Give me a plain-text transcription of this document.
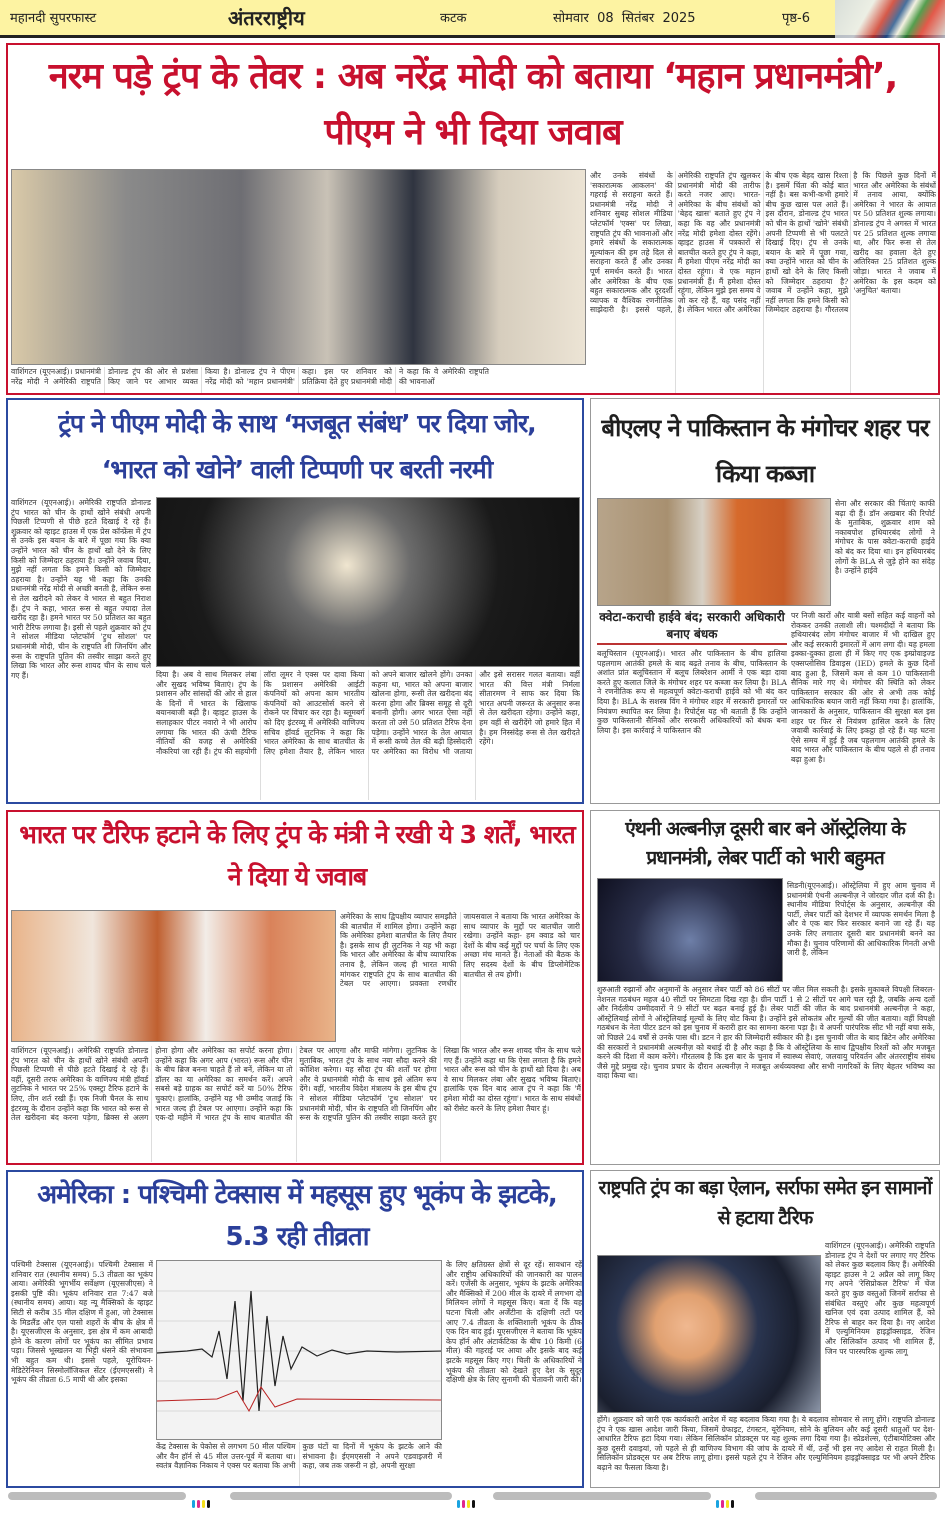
महानदी सुपरफास्ट	अंतरराष्ट्रीय	कटक	सोमवार  08  सितंबर  2025	पृष्ठ-6
नरम पड़े ट्रंप के तेवर : अब नरेंद्र मोदी को बताया ‘महान प्रधानमंत्री’, पीएम ने भी दिया जवाब
वाशिंगटन (यूएनआई)। प्रधानमंत्री नरेंद्र मोदी ने अमेरिकी राष्ट्रपति डोनाल्ड ट्रंप की ओर से प्रशंसा किए जाने पर आभार व्यक्त किया है। डोनाल्ड ट्रंप ने पीएम नरेंद्र मोदी को 'महान प्रधानमंत्री' कहा। इस पर शनिवार को प्रतिक्रिया देते हुए प्रधानमंत्री मोदी ने कहा कि वे अमेरिकी राष्ट्रपति की भावनाओं
और उनके संबंधों के 'सकारात्मक आकलन' की गहराई से सराहना करते हैं। प्रधानमंत्री नरेंद्र मोदी ने शनिवार सुबह सोशल मीडिया प्लेटफॉर्म 'एक्स' पर लिखा, राष्ट्रपति ट्रंप की भावनाओं और हमारे संबंधों के सकारात्मक मूल्यांकन की हम तहे दिल से सराहना करते हैं और उनका पूर्ण समर्थन करते हैं। भारत और अमेरिका के बीच एक बहुत सकारात्मक और दूरदर्शी व्यापक व वैश्विक रणनीतिक साझेदारी है। इससे पहले, अमेरिकी राष्ट्रपति ट्रंप खुलकर प्रधानमंत्री मोदी की तारीफ करते नजर आए। भारत-अमेरिका के बीच संबंधों को 'बेहद खास' बताते हुए ट्रंप ने कहा कि वह और प्रधानमंत्री नरेंद्र मोदी हमेशा दोस्त रहेंगे। व्हाइट हाउस में पत्रकारों से बातचीत करते हुए ट्रंप ने कहा, मैं हमेशा पीएम नरेंद्र मोदी का दोस्त रहूंगा। वे एक महान प्रधानमंत्री हैं। मैं हमेशा दोस्त रहूंगा, लेकिन मुझे इस समय वे जो कर रहे हैं, वह पसंद नहीं है। लेकिन भारत और अमेरिका के बीच एक बेहद खास रिश्ता है। इसमें चिंता की कोई बात नहीं है। बस कभी-कभी हमारे बीच कुछ खास पल आते हैं। इस दौरान, डोनाल्ड ट्रंप भारत को चीन के हाथों 'खोने' संबंधी अपनी टिप्पणी से भी पलटते दिखाई दिए। ट्रंप से उनके बयान के बारे में पूछा गया, क्या उन्होंने भारत को चीन के हाथों खो देने के लिए किसी को जिम्मेदार ठहराया है? जवाब में उन्होंने कहा, मुझे नहीं लगता कि हमने किसी को जिम्मेदार ठहराया है। गौरतलब है कि पिछले कुछ दिनों में भारत और अमेरिका के संबंधों में तनाव आया, क्योंकि अमेरिका ने भारत के आयात पर 50 प्रतिशत शुल्क लगाया। डोनाल्ड ट्रंप ने अगस्त में भारत पर 25 प्रतिशत शुल्क लगाया था, और फिर रूस से तेल खरीद का हवाला देते हुए अतिरिक्त 25 प्रतिशत शुल्क जोड़ा। भारत ने जवाब में अमेरिका के इस कदम को 'अनुचित' बताया।
ट्रंप ने पीएम मोदी के साथ ‘मजबूत संबंध’ पर दिया जोर,
‘भारत को खोने’ वाली टिप्पणी पर बरती नरमी
वाशिंगटन (यूएनआई)। अमेरिकी राष्ट्रपति डोनाल्ड ट्रंप भारत को चीन के हाथों खोने संबंधी अपनी पिछली टिप्पणी से पीछे हटते दिखाई दे रहे हैं। शुक्रवार को व्हाइट हाउस में एक प्रेस कॉन्फ्रेंस में ट्रंप से उनके इस बयान के बारे में पूछा गया कि क्या उन्होंने भारत को चीन के हाथों खो देने के लिए किसी को जिम्मेदार ठहराया है। उन्होंने जवाब दिया, मुझे नहीं लगता कि हमने किसी को जिम्मेदार ठहराया है। उन्होंने यह भी कहा कि उनकी प्रधानमंत्री नरेंद्र मोदी से अच्छी बनती है, लेकिन रूस से तेल खरीदने को लेकर वे भारत से बहुत निराश हैं। ट्रंप ने कहा, भारत रूस से बहुत ज्यादा तेल खरीद रहा है। हमने भारत पर 50 प्रतिशत का बहुत भारी टैरिफ लगाया है। इसी से पहले शुक्रवार को ट्रंप ने सोशल मीडिया प्लेटफॉर्म 'ट्रुथ सोशल' पर प्रधानमंत्री मोदी, चीन के राष्ट्रपति शी जिनपिंग और रूस के राष्ट्रपति पुतिन की तस्वीर साझा करते हुए लिखा कि भारत और रूस शायद चीन के साथ चले गए हैं।	दिया है। अब वे साथ मिलकर लंबा और सुखद भविष्य बिताएं। ट्रंप के प्रशासन और सांसदों की ओर से हाल के दिनों में भारत के खिलाफ बयानबाजी बढ़ी है। व्हाइट हाउस के सलाहकार पीटर नवारो ने भी आरोप लगाया कि भारत की ऊंची टैरिफ नीतियों की वजह से अमेरिकी नौकरियां जा रही हैं। ट्रंप की सहयोगी लॉरा लूमर ने एक्स पर दावा किया कि प्रशासन अमेरिकी आईटी कंपनियों को अपना काम भारतीय कंपनियों को आउटसोर्स करने से रोकने पर विचार कर रहा है। ब्लूमबर्ग को दिए इंटरव्यू में अमेरिकी वाणिज्य सचिव हॉवर्ड लुटनिक ने कहा कि भारत अमेरिका के साथ बातचीत के लिए हमेशा तैयार है, लेकिन भारत को अपने बाजार खोलने होंगे। उनका कहना था, भारत को अपना बाजार खोलना होगा, रूसी तेल खरीदना बंद करना होगा और ब्रिक्स समूह से दूरी बनानी होगी। अगर भारत ऐसा नहीं करता तो उसे 50 प्रतिशत टैरिफ देना पड़ेगा। उन्होंने भारत के तेल आयात में रूसी कच्चे तेल की बढ़ी हिस्सेदारी पर अमेरिका का विरोध भी जताया और इसे सरासर गलत बताया। वहीं भारत की वित्त मंत्री निर्मला सीतारमण ने साफ कर दिया कि भारत अपनी जरूरत के अनुसार रूस से तेल खरीदता रहेगा। उन्होंने कहा, हम वहीं से खरीदेंगे जो हमारे हित में है। हम निस्संदेह रूस से तेल खरीदते रहेंगे।
बीएलए ने पाकिस्तान के मंगोचर शहर पर किया कब्जा
सेना और सरकार की चिंताएं काफी बढ़ा दी हैं। डॉन अखबार की रिपोर्ट के मुताबिक, शुक्रवार शाम को नकाबपोश हथियारबंद लोगों ने मंगोचर के पास क्वेटा-कराची हाईवे को बंद कर दिया था। इन हथियारबंद लोगों के BLA से जुड़े होने का संदेह है। उन्होंने हाईवे
क्वेटा-कराची हाईवे बंद; सरकारी अधिकारी बनाए बंधक
पर निजी कारों और यात्री बसों सहित कई वाहनों को रोककर उनकी तलाशी ली। चश्मदीदों ने बताया कि हथियारबंद लोग मंगोचर बाजार में भी दाखिल हुए और कई सरकारी इमारतों में आग लगा दी। यह हमला इक्का-दुक्का हाला ही में किए गए एक इम्प्रोवाइज्ड एक्सप्लोसिव डिवाइस (IED) हमले के कुछ दिनों बाद हुआ है, जिसमें कम से कम 10 पाकिस्तानी सैनिक मारे गए थे। मंगोचर की स्थिति को लेकर पाकिस्तान सरकार की ओर से अभी तक कोई आधिकारिक बयान जारी नहीं किया गया है। हालांकि, जानकारों के अनुसार, पाकिस्तान की सुरक्षा बल इस शहर पर फिर से नियंत्रण हासिल करने के लिए जवाबी कार्रवाई के लिए इकट्ठा हो रहे हैं। यह घटना ऐसे समय में हुई है जब पहलगाम आतंकी हमले के बाद भारत और पाकिस्तान के बीच पहले से ही तनाव बढ़ा हुआ है।
बलूचिस्तान (यूएनआई)। भारत और पाकिस्तान के बीच हालिया पहलगाम आतंकी हमले के बाद बढ़ते तनाव के बीच, पाकिस्तान के अशांत प्रांत बलूचिस्तान में बलूच लिबरेशन आर्मी ने एक बड़ा दावा करते हुए कलात जिले के मंगोचर शहर पर कब्जा कर लिया है। BLA ने रणनीतिक रूप से महत्वपूर्ण क्वेटा-कराची हाईवे को भी बंद कर दिया है। BLA के सशस्त्र विंग ने मंगोचर शहर में सरकारी इमारतों पर नियंत्रण स्थापित कर लिया है। रिपोर्ट्स यह भी बताती हैं कि उन्होंने कुछ पाकिस्तानी सैनिकों और सरकारी अधिकारियों को बंधक बना लिया है। इस कार्रवाई ने पाकिस्तान की
भारत पर टैरिफ हटाने के लिए ट्रंप के मंत्री ने रखी ये 3 शर्तें, भारत ने दिया ये जवाब
अमेरिका के साथ द्विपक्षीय व्यापार समझौते की बातचीत में शामिल होगा। उन्होंने कहा कि अमेरिका हमेशा बातचीत के लिए तैयार है। इसके साथ ही लुटनिक ने यह भी कहा कि भारत और अमेरिका के बीच व्यापारिक तनाव है, लेकिन जल्द ही भारत माफी मांगकर राष्ट्रपति ट्रंप के साथ बातचीत की टेबल पर आएगा। प्रवक्ता रणधीर जायसवाल ने बताया कि भारत अमेरिका के साथ व्यापार के मुद्दों पर बातचीत जारी रखेगा। उन्होंने कहा- हम क्वाड को चार देशों के बीच कई मुद्दों पर चर्चा के लिए एक अच्छा मंच मानते हैं। नेताओं की बैठक के लिए सदस्य देशों के बीच डिप्लोमेटिक बातचीत से तय होगी।
वाशिंगटन (यूएनआई)। अमेरिकी राष्ट्रपति डोनाल्ड ट्रंप भारत को चीन के हाथों खोने संबंधी अपनी पिछली टिप्पणी से पीछे हटते दिखाई दे रहे हैं। वहीं, दूसरी तरफ अमेरिका के वाणिज्य मंत्री हॉवर्ड लुटनिक ने भारत पर 25% एक्स्ट्रा टैरिफ हटाने के लिए, तीन शर्त रखी हैं। एक निजी चैनल के साथ इंटरव्यू के दौरान उन्होंने कहा कि भारत को रूस से तेल खरीदना बंद करना पड़ेगा, ब्रिक्स से अलग होना होगा और अमेरिका का सपोर्ट करना होगा। उन्होंने कहा कि अगर आप (भारत) रूस और चीन के बीच ब्रिज बनना चाहते हैं तो बनें, लेकिन या तो डॉलर का या अमेरिका का समर्थन करें। अपने सबसे बड़े ग्राहक का सपोर्ट करें या 50% टैरिफ चुकाएं। हालांकि, उन्होंने यह भी उम्मीद जताई कि भारत जल्द ही टेबल पर आएगा। उन्होंने कहा कि एक-दो महीने में भारत ट्रंप के साथ बातचीत की टेबल पर आएगा और माफी मांगेगा। लुटनिक के मुताबिक, भारत ट्रंप के साथ नया सौदा करने की कोशिश करेगा। यह सौदा ट्रंप की शर्तों पर होगा और वे प्रधानमंत्री मोदी के साथ इसे अंतिम रूप देंगे। वहीं, भारतीय विदेश मंत्रालय के इस बीच ट्रंप ने सोशल मीडिया प्लेटफॉर्म 'ट्रुथ सोशल' पर प्रधानमंत्री मोदी, चीन के राष्ट्रपति शी जिनपिंग और रूस के राष्ट्रपति पुतिन की तस्वीर साझा करते हुए लिखा कि भारत और रूस शायद चीन के साथ चले गए हैं। उन्होंने कहा था कि ऐसा लगता है कि हमने भारत और रूस को चीन के हाथों खो दिया है। अब वे साथ मिलकर लंबा और सुखद भविष्य बिताएं। हालांकि एक दिन बाद आज ट्रंप ने कहा कि 'मैं हमेशा मोदी का दोस्त रहूंगा'। भारत के साथ संबंधों को रीसेट करने के लिए हमेशा तैयार हूं।
एंथनी अल्बनीज़ दूसरी बार बने ऑस्ट्रेलिया के प्रधानमंत्री, लेबर पार्टी को भारी बहुमत
सिडनी(यूएनआई)। ऑस्ट्रेलिया में हुए आम चुनाव में प्रधानमंत्री एंथनी अल्बनीज़ ने जोरदार जीत दर्ज की है। स्थानीय मीडिया रिपोर्ट्स के अनुसार, अल्बनीज़ की पार्टी, लेबर पार्टी को देशभर में व्यापक समर्थन मिला है और वे एक बार फिर सरकार बनाने जा रहे हैं। यह उनके लिए लगातार दूसरी बार प्रधानमंत्री बनने का मौका है। चुनाव परिणामों की आधिकारिक गिनती अभी जारी है, लेकिन
शुरुआती रुझानों और अनुमानों के अनुसार लेबर पार्टी को 86 सीटों पर जीत मिल सकती है। इसके मुकाबले विपक्षी लिबरल-नेशनल गठबंधन महज 40 सीटों पर सिमटता दिख रहा है। ग्रीन पार्टी 1 से 2 सीटों पर आगे चल रही है, जबकि अन्य दलों और निर्दलीय उम्मीदवारों ने 9 सीटों पर बढ़त बनाई हुई है। लेबर पार्टी की जीत के बाद प्रधानमंत्री अल्बनीज़ ने कहा, ऑस्ट्रेलियाई लोगों ने ऑस्ट्रेलियाई मूल्यों के लिए वोट किया है। उन्होंने इसे लोकतंत्र और मूल्यों की जीत बताया। वहीं विपक्षी गठबंधन के नेता पीटर डटन को इस चुनाव में करारी हार का सामना करना पड़ा है। वे अपनी पारंपरिक सीट भी नहीं बचा सके, जो पिछले 24 वर्षों से उनके पास थी। डटन ने हार की जिम्मेदारी स्वीकार की है। इस चुनावी जीत के बाद ब्रिटेन और अमेरिका की सरकारों ने प्रधानमंत्री अल्बनीज़ को बधाई दी है और कहा है कि वे ऑस्ट्रेलिया के साथ द्विपक्षीय रिश्तों को और मजबूत करने की दिशा में काम करेंगे। गौरतलब है कि इस बार के चुनाव में स्वास्थ्य सेवाएं, जलवायु परिवर्तन और अंतरराष्ट्रीय संबंध जैसे मुद्दे प्रमुख रहे। चुनाव प्रचार के दौरान अल्बनीज़ ने मजबूत अर्थव्यवस्था और सभी नागरिकों के लिए बेहतर भविष्य का वादा किया था।
अमेरिका : पश्चिमी टेक्सास में महसूस हुए भूकंप के झटके, 5.3 रही तीव्रता
पश्चिमी टेक्सास (यूएनआई)। पश्चिमी टेक्सास में शनिवार रात (स्थानीय समय) 5.3 तीव्रता का भूकंप आया। अमेरिकी भूगर्भीय सर्वेक्षण (यूएसजीएस) ने इसकी पुष्टि की। भूकंप शनिवार रात 7:47 बजे (स्थानीय समय) आया। यह न्यू मैक्सिको के व्हाइट सिटी से करीब 35 मील दक्षिण में हुआ, जो टेक्सास के मिडलैंड और एल पासो शहरों के बीच के क्षेत्र में है। यूएसजीएस के अनुसार, इस क्षेत्र में कम आबादी होने के कारण लोगों पर भूकंप का सीमित प्रभाव पड़ा। जिससे भूस्खलन या भिट्टी धंसने की संभावना भी बहुत कम थी। इससे पहले, यूरोपियन-मेडिटेरेनियन सिस्मोलॉजिकल सेंटर (ईएमएससी) ने भूकंप की तीव्रता 6.5 मापी थी और इसका
केंद्र टेक्सास के पेकोस से लगभग 50 मील पश्चिम और वैन हॉर्न से 45 मील उत्तर-पूर्व में बताया था। स्वतंत्र वैज्ञानिक निकाय ने एक्स पर बताया कि अभी कुछ घंटों या दिनों में भूकंप के झटके आने की संभावना है। ईएमएससी ने अपने एडवाइजरी में कहा, जब तक जरूरी न हो, अपनी सुरक्षा
के लिए क्षतिग्रस्त क्षेत्रों से दूर रहें। सावधान रहें और राष्ट्रीय अधिकारियों की जानकारी का पालन करें। एजेंसी के अनुसार, भूकंप के झटके अमेरिका और मैक्सिको में 200 मील के दायरे में लगभग दो मिलियन लोगों ने महसूस किए। बता दें कि यह घटना चिली और अर्जेंटीना के दक्षिणी तटों पर आए 7.4 तीव्रता के शक्तिशाली भूकंप के ठीक एक दिन बाद हुई। यूएसजीएस ने बताया कि भूकंप केप हॉर्न और अंटार्कटिका के बीच 10 किमी (6 मील) की गहराई पर आया और इसके बाद कई झटके महसूस किए गए। चिली के अधिकारियों ने भूकंप की तीव्रता को देखते हुए देश के सुदूर दक्षिणी क्षेत्र के लिए सुनामी की चेतावनी जारी की।
राष्ट्रपति ट्रंप का बड़ा ऐलान, सर्राफा समेत इन सामानों से हटाया टैरिफ
वाशिंगटन (यूएनआई)। अमेरिकी राष्ट्रपति डोनाल्ड ट्रंप ने देशों पर लगाए गए टैरिफ को लेकर कुछ बदलाव किए हैं। अमेरिकी व्हाइट हाउस ने 2 अप्रैल को लागू किए गए अपने 'रेसिप्रोकल टैरिफ' में चेंज करते हुए कुछ वस्तुओं जिनमें सर्राफा से संबंधित वस्तुएं और कुछ महत्वपूर्ण खनिज एवं दवा उत्पाद शामिल हैं, को टैरिफ से बाहर कर दिया है। नए आदेश में एल्युमिनियम हाइड्रॉक्साइड, रेजिन और सिलिकॉन उत्पाद भी शामिल हैं, जिन पर पारस्परिक शुल्क लागू
होंगे। शुक्रवार को जारी एक कार्यकारी आदेश में यह बदलाव किया गया है। ये बदलाव सोमवार से लागू होंगे। राष्ट्रपति डोनाल्ड ट्रंप ने एक खास आदेश जारी किया, जिसमें ग्रेफाइट, टंगस्टन, यूरेनियम, सोने के बुलियन और कई दूसरी धातुओं पर देश-आधारित टैरिफ हटा दिया गया। लेकिन सिलिकॉन प्रोडक्ट्स पर यह शुल्क लगा दिया गया है। स्प्रेडशेल्स, एंटीबायोटिक्स और कुछ दूसरी दवाइयां, जो पहले से ही वाणिज्य विभाग की जांच के दायरे में थीं, उन्हें भी इस नए आदेश से राहत मिली है। सिलिकॉन प्रोडक्ट्स पर अब टैरिफ लागू होगा। इससे पहले ट्रंप ने रेजिन और एल्युमिनियम हाइड्रॉक्साइड पर भी अपने टैरिफ बढ़ाने का फैसला किया है।
